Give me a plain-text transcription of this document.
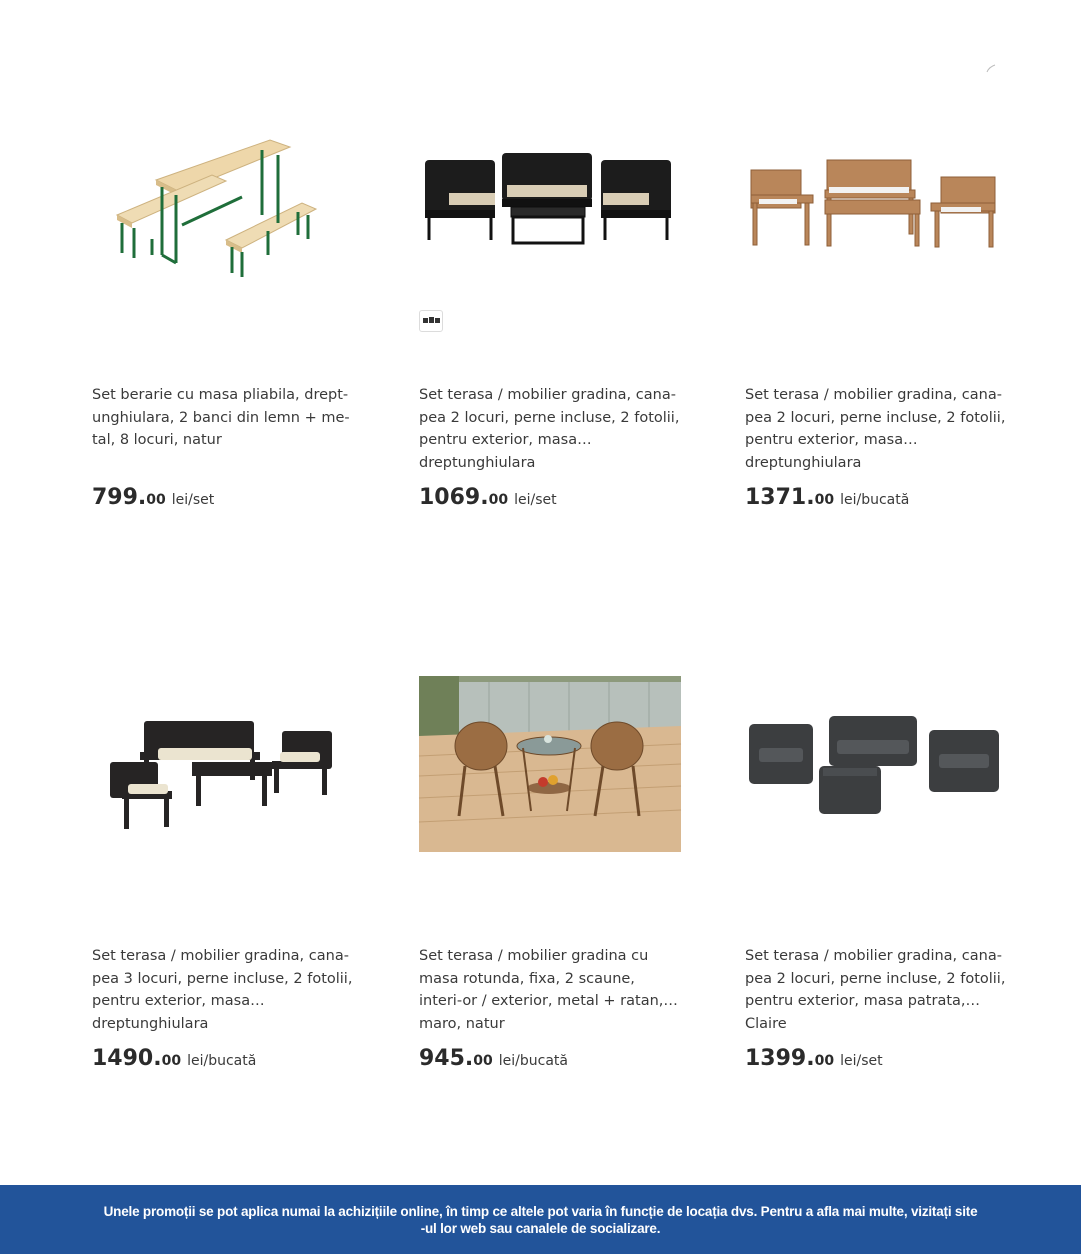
Set berarie cu masa pliabila, drept-unghiulara, 2 banci din lemn + me-tal, 8 locuri, natur
799.00 lei/set
Set terasa / mobilier gradina, cana-pea 2 locuri, perne incluse, 2 fotolii, pentru exterior, masa dreptunghiulara
1069.00 lei/set
Set terasa / mobilier gradina, cana-pea 2 locuri, perne incluse, 2 fotolii, pentru exterior, masa dreptunghiulara
1371.00 lei/bucată
Set terasa / mobilier gradina, cana-pea 3 locuri, perne incluse, 2 fotolii, pentru exterior, masa dreptunghiulara
1490.00 lei/bucată
Set terasa / mobilier gradina cu masa rotunda, fixa, 2 scaune, interi-or / exterior, metal + ratan, maro, natur
945.00 lei/bucată
Set terasa / mobilier gradina, cana-pea 2 locuri, perne incluse, 2 fotolii, pentru exterior, masa patrata, Claire
1399.00 lei/set

Unele promoții se pot aplica numai la achizițiile online, în timp ce altele pot varia în funcție de locația dvs. Pentru a afla mai multe, vizitați site -ul lor web sau canalele de socializare.
